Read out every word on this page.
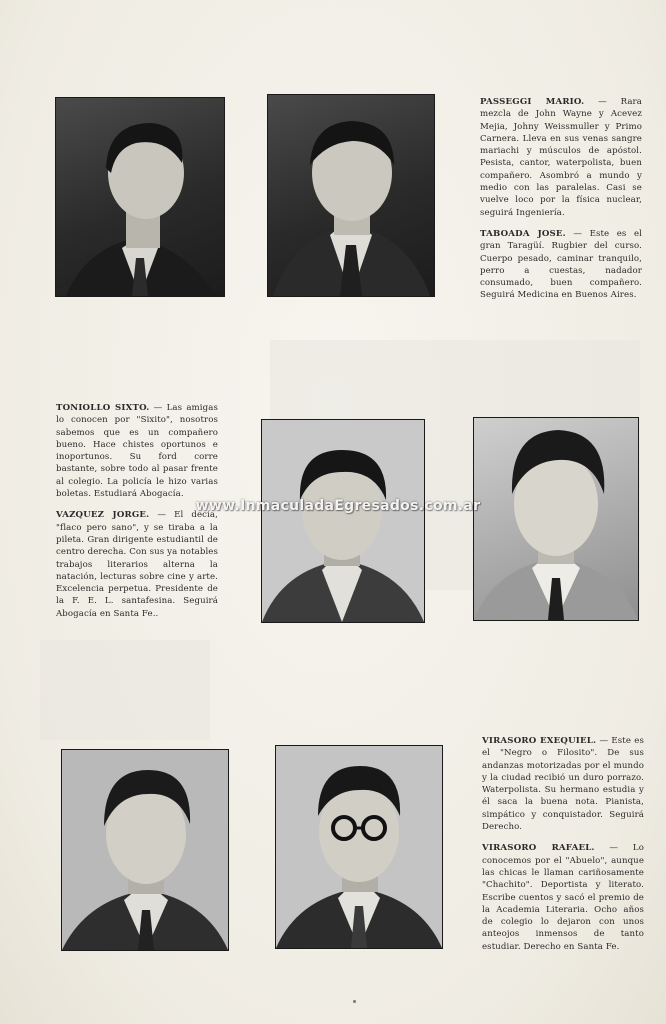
PASSEGGI MARIO. — Rara mezcla de John Wayne y Acevez Mejia, Johny Weissmuller y Primo Carnera. Lleva en sus venas sangre mariachi y músculos de apóstol. Pesista, cantor, waterpolista, buen compañero. Asombró a mundo y medio con las paralelas. Casi se vuelve loco por la física nuclear, seguirá Ingeniería.

TABOADA JOSE. — Este es el gran Taragüí. Rugbier del curso. Cuerpo pesado, caminar tranquilo, perro a cuestas, nadador consumado, buen compañero. Seguirá Medicina en Buenos Aires.

TONIOLLO SIXTO. — Las amigas lo conocen por "Sixito", nosotros sabemos que es un compañero bueno. Hace chistes oportunos e inoportunos. Su ford corre bastante, sobre todo al pasar frente al colegio. La policía le hizo varias boletas. Estudiará Abogacía.

VAZQUEZ JORGE. — El decía, "flaco pero sano", y se tiraba a la pileta. Gran dirigente estudiantil de centro derecha. Con sus ya notables trabajos literarios alterna la natación, lecturas sobre cine y arte. Excelencia perpetua. Presidente de la F. E. L. santafesina. Seguirá Abogacía en Santa Fe..

www.InmaculadaEgresados.com.ar

VIRASORO EXEQUIEL. — Este es el "Negro o Filosito". De sus andanzas motorizadas por el mundo y la ciudad recibió un duro porrazo. Waterpolista. Su hermano estudia y él saca la buena nota. Pianista, simpático y conquistador. Seguirá Derecho.

VIRASORO RAFAEL. — Lo conocemos por el "Abuelo", aunque las chicas le llaman cariñosamente "Chachito". Deportista y literato. Escribe cuentos y sacó el premio de la Academia Literaria. Ocho años de colegio lo dejaron con unos anteojos inmensos de tanto estudiar. Derecho en Santa Fe.
